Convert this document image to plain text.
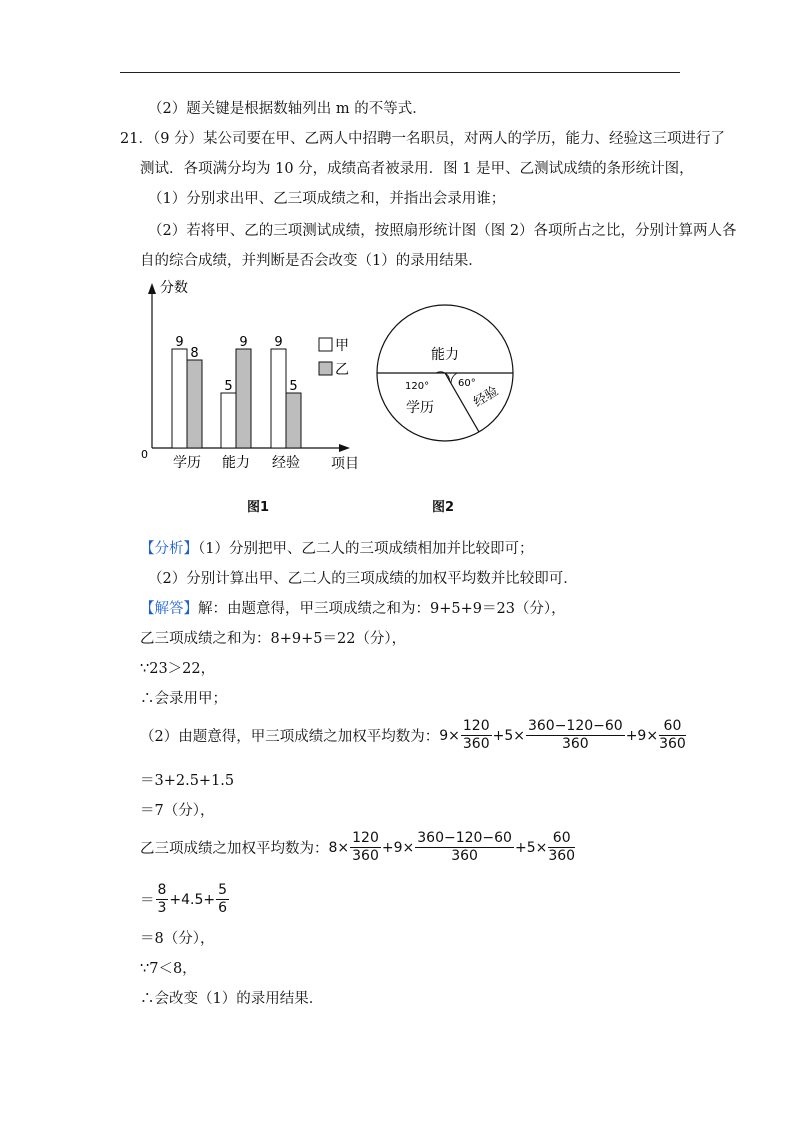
（2）题关键是根据数轴列出 m 的不等式．
21．（9 分）某公司要在甲、乙两人中招聘一名职员，对两人的学历，能力、经验这三项进行了
测试．各项满分均为 10 分，成绩高者被录用．图 1 是甲、乙测试成绩的条形统计图，
（1）分别求出甲、乙三项成绩之和，并指出会录用谁；
（2）若将甲、乙的三项测试成绩，按照扇形统计图（图 2）各项所占之比，分别计算两人各
自的综合成绩，并判断是否会改变（1）的录用结果．
分数
项目
0
学历 能力 经验
9
8
5
9 9
5
甲
乙
图1
能力
学历	经验
120°	60°
图2
【分析】（1）分别把甲、乙二人的三项成绩相加并比较即可；
（2）分别计算出甲、乙二人的三项成绩的加权平均数并比较即可．
【解答】解：由题意得，甲三项成绩之和为：9+5+9＝23（分），
乙三项成绩之和为：8+9+5＝22（分），
∵23＞22，
∴会录用甲；
（2）由题意得，甲三项成绩之加权平均数为： $9\times \frac{120}{360} +5\times \frac{360-120-60}{360} +9\times \frac{60}{360}$
＝3+2.5+1.5
＝7（分），
乙三项成绩之加权平均数为： $8\times \frac{120}{360} +9\times \frac{360-120-60}{360} +5\times \frac{60}{360}$
＝ $\frac{8}{3} +4.5+ \frac{5}{6}$
＝8（分），
∵7＜8，
∴会改变（1）的录用结果．
